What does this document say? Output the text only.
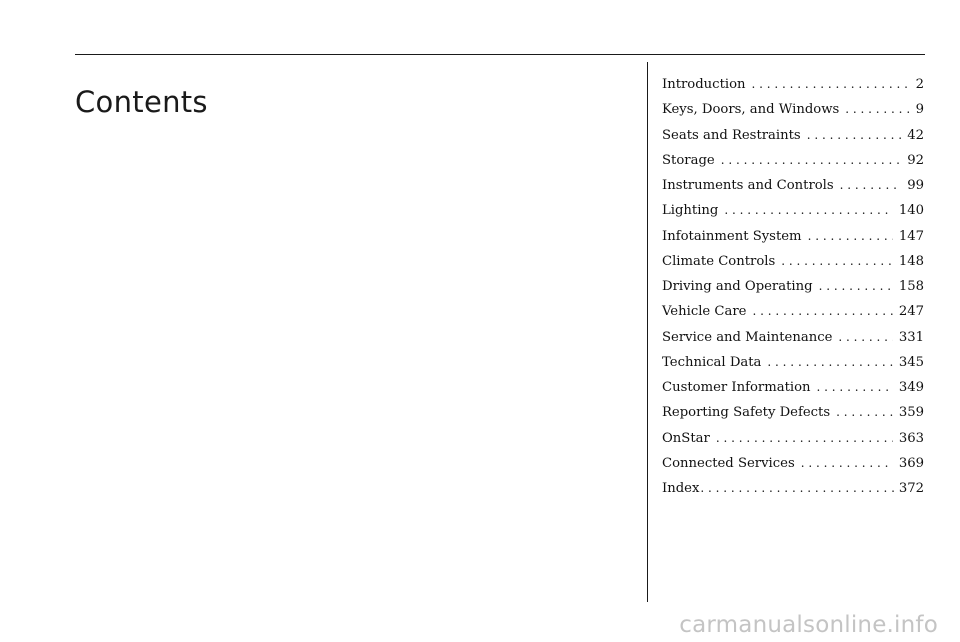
Contents
Introduction . . .	2
Keys, Doors, and Windows . . .	9
Seats and Restraints . . .	42
Storage . . .	92
Instruments and Controls . . .	99
Lighting . . .	140
Infotainment System . . .	147
Climate Controls . . .	148
Driving and Operating . . .	158
Vehicle Care . . .	247
Service and Maintenance . . .	331
Technical Data . . .	345
Customer Information . . .	349
Reporting Safety Defects . . .	359
OnStar . . .	363
Connected Services . . .	369
Index . . .	372
carmanualsonline.info
